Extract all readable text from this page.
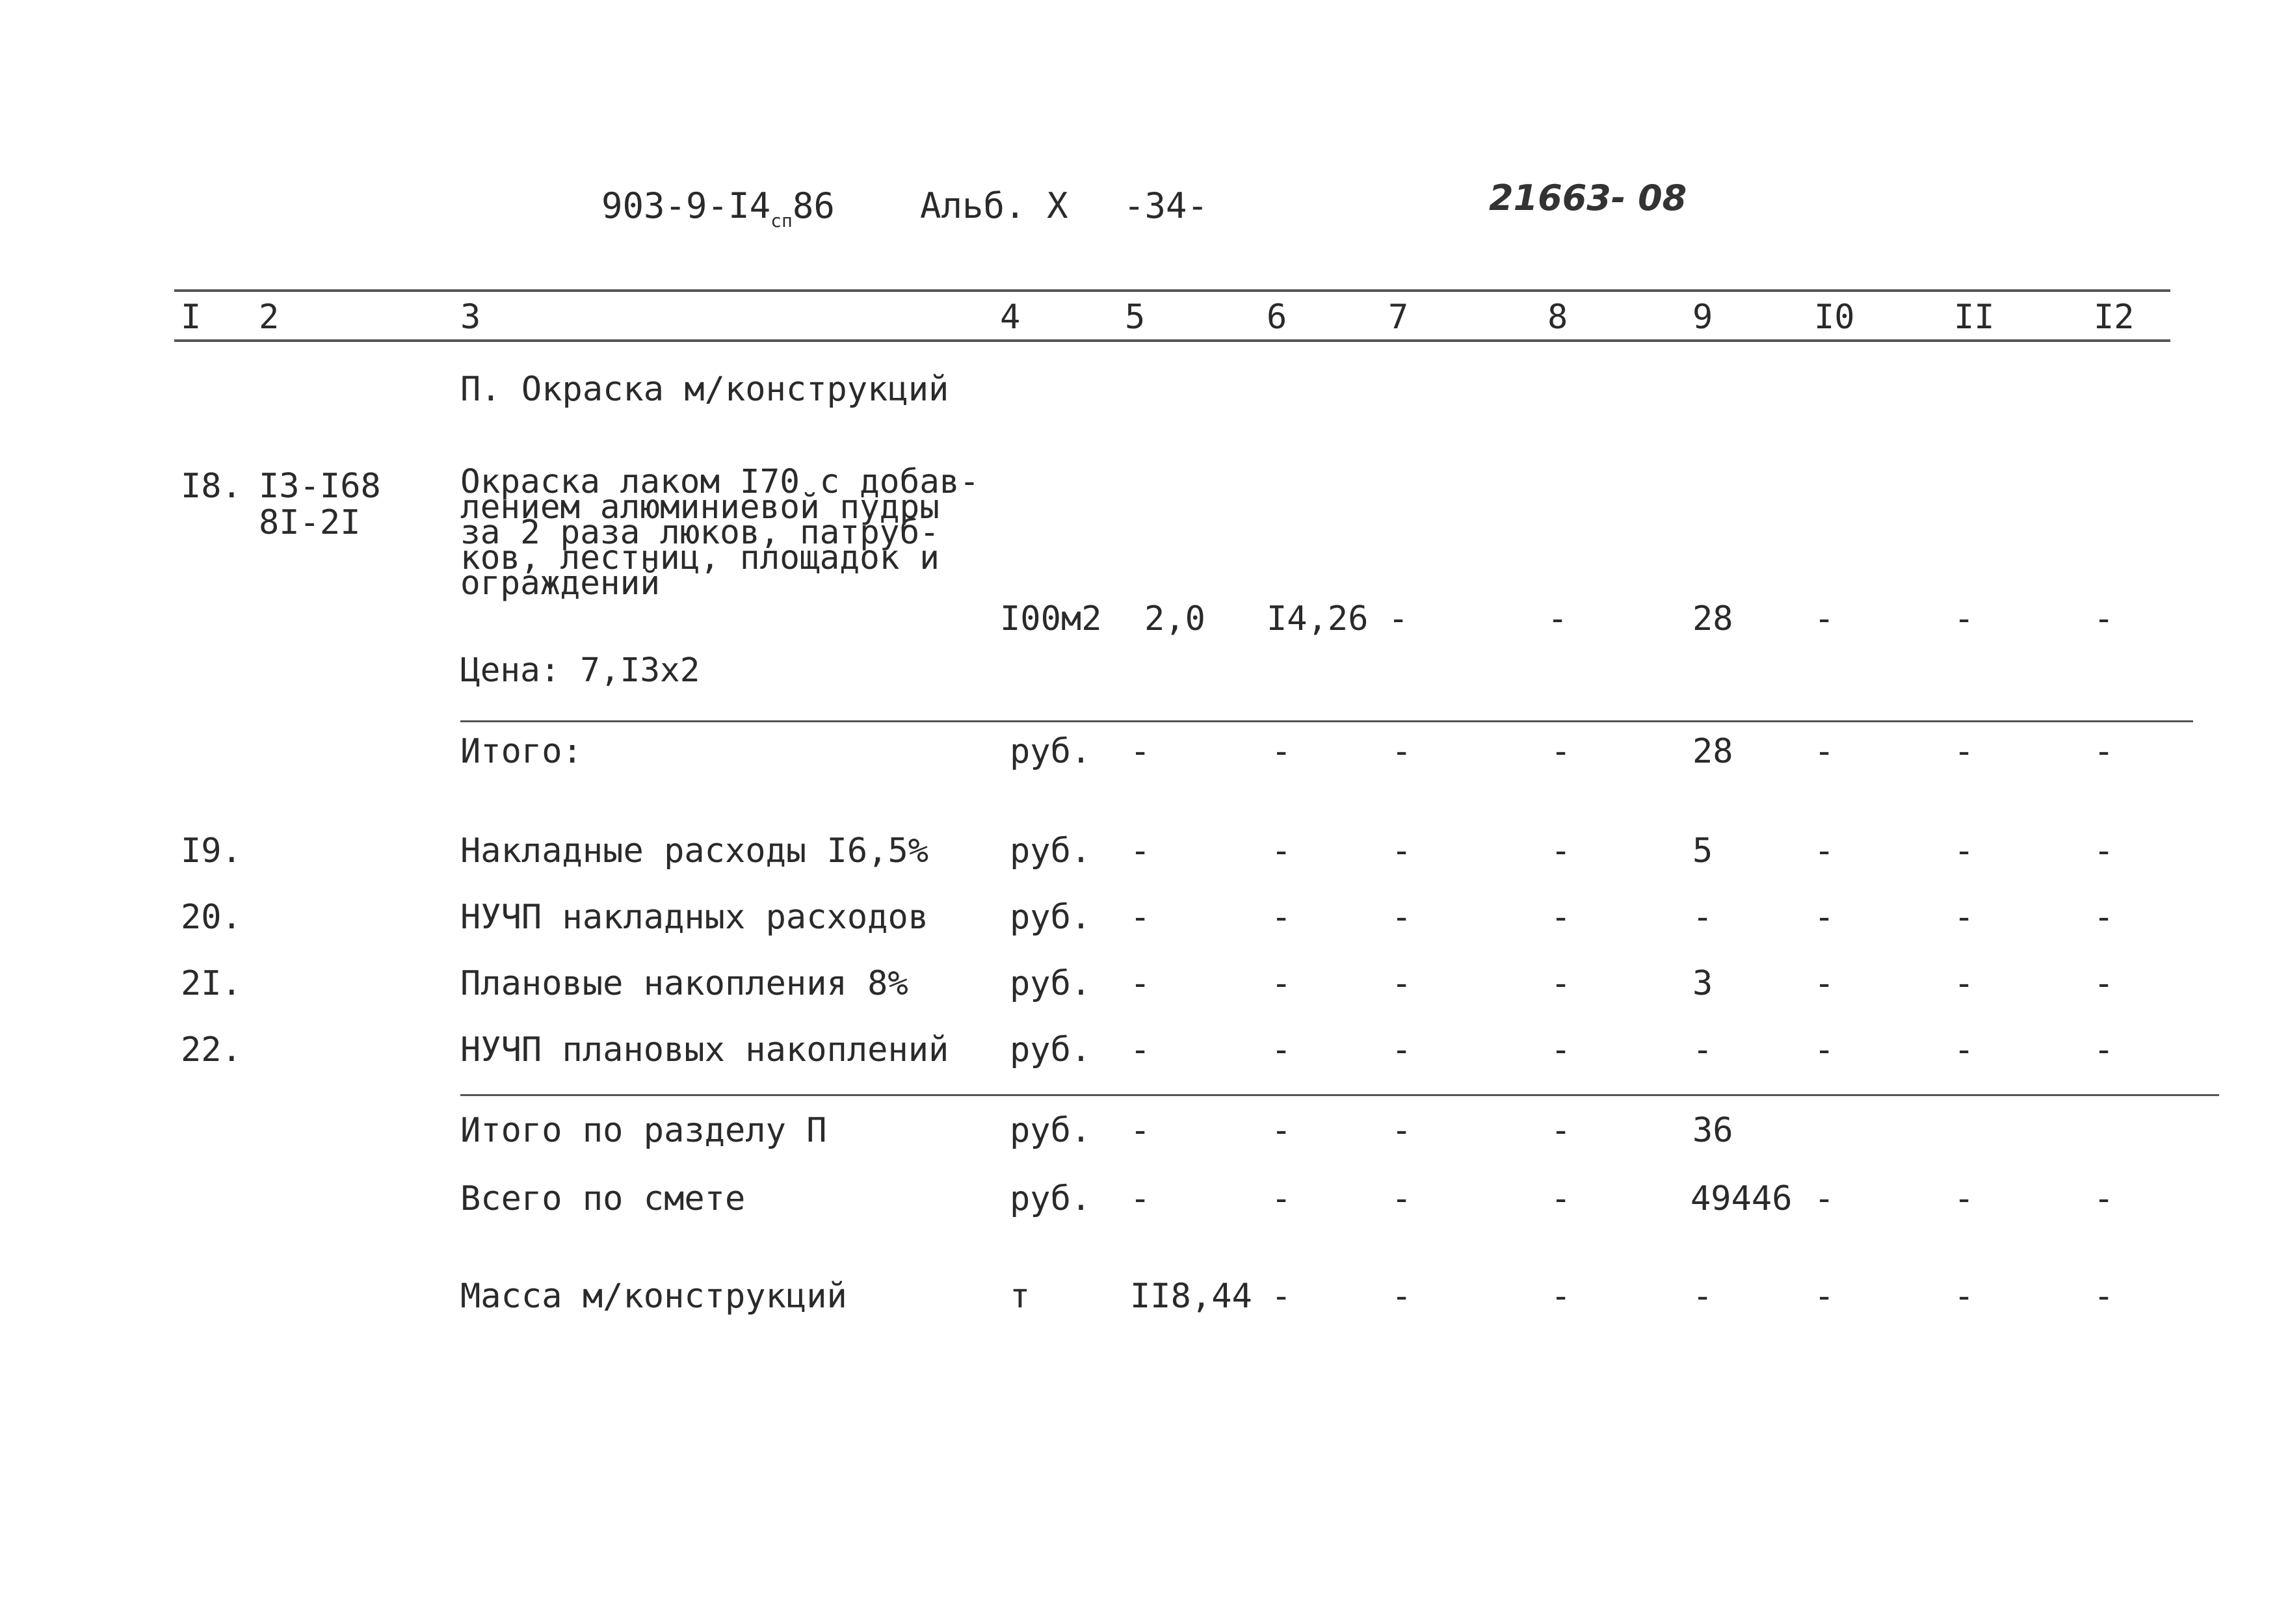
$903-9-I4_{сп}86$ Альб. Х -34-	21663- 08
I 2	3	4	5	6	7	8	9	I0	II	I2
П. Окраска м/конструкций
I8. I3-I68
8I-2I
Окраска лаком I70 с добав-
лением алюминиевой пудры
за 2 раза люков, патруб-
ков, лестниц, площадок и
ограждений
Цена: 7,I3х2
I00м2 2,0 I4,26 -	-	28 -	-	-
Итого:	руб. -	-	-	-	28 -	-	-
I9.	Накладные расходы I6,5% руб. -	-	-	-	5	-	-	-
20.	НУЧП накладных расходов руб. -	-	-	-	-	-	-	-
2I.	Плановые накопления 8%	руб. -	-	-	-	3	-	-	-
22.	НУЧП плановых накоплений руб. -	-	-	-	-	-	-	-
Итого по разделу П	руб. -	-	-	-	36
Всего по смете	руб. -	-	-	-	49446 -	-	-
Масса м/конструкций	т	II8,44 -	-	-	-	-	-	-
